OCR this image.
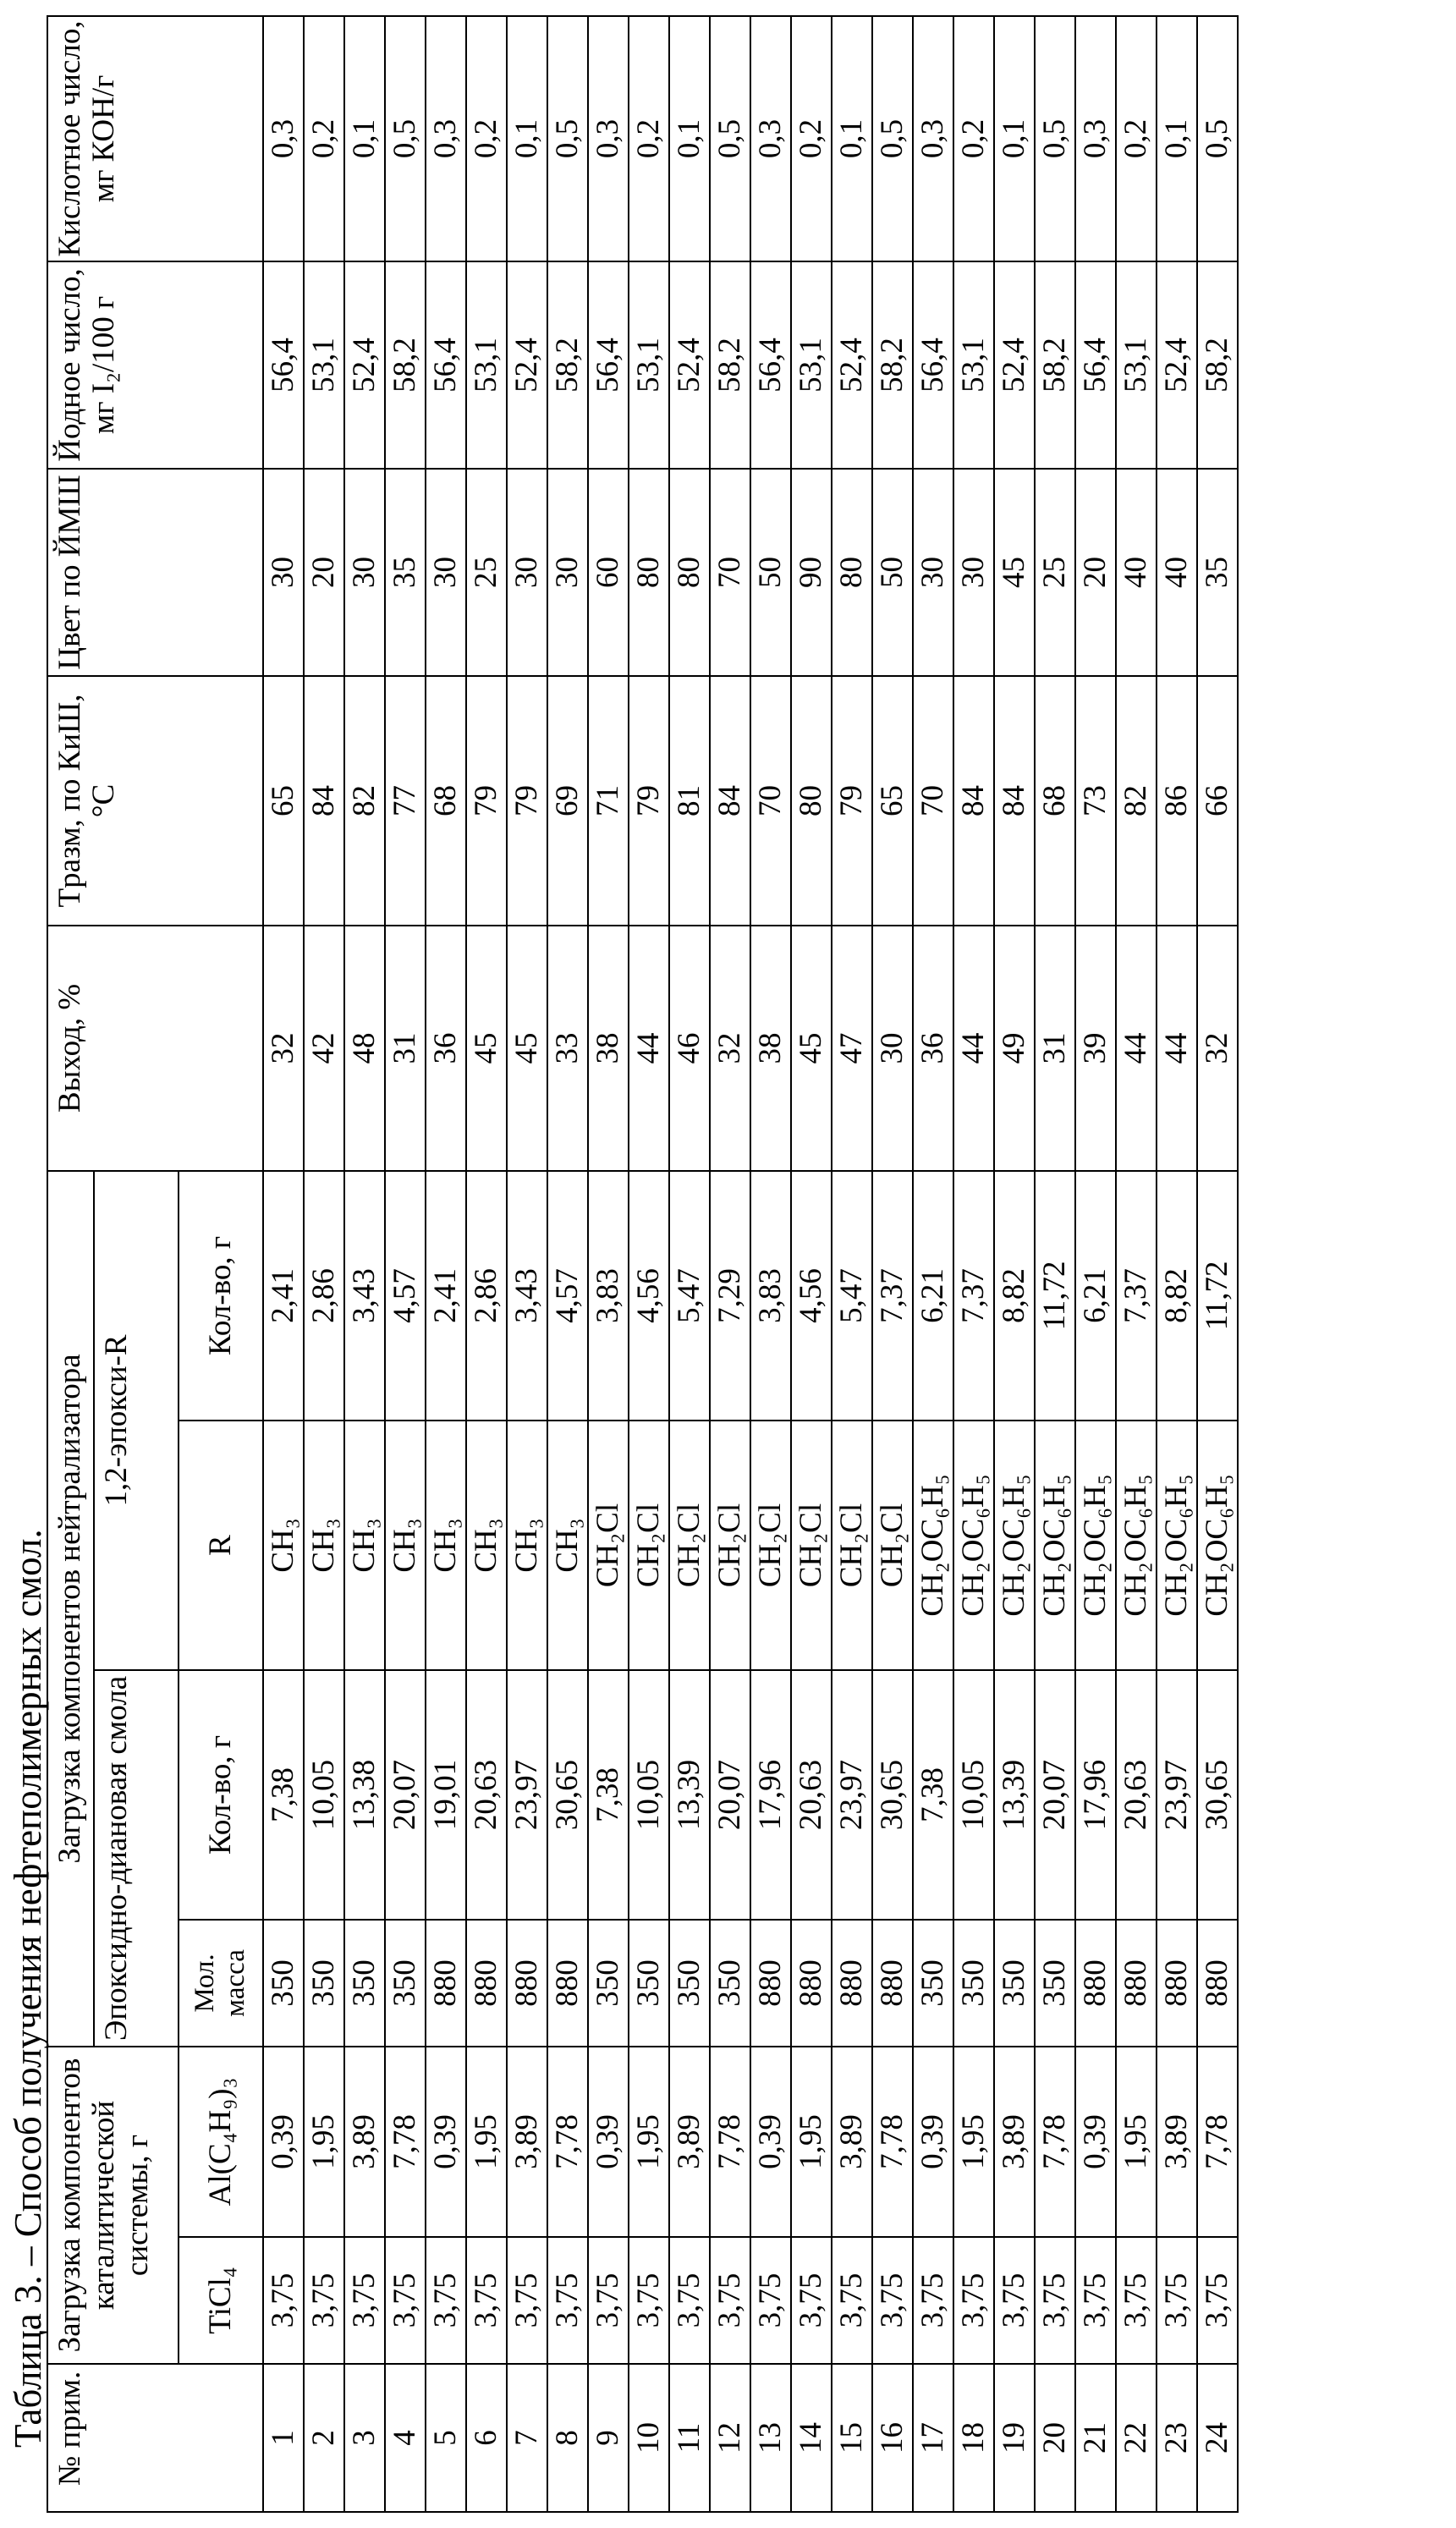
Таблица 3. – Способ получения нефтеполимерных смол. № прим.	Загрузка компонентов каталитической системы, г	Загрузка компонентов нейтрализатора	Выход, %	Tразм, по КиШ, °C	Цвет по ЙМШ	Йодное число, мг I₂/100 г	Кислотное число, мг КОН/г
Эпоксидно-диановая смола	1,2-эпокси-R
TiCl₄	Al(C₄H₉)₃	Мол. масса	Кол-во, г	R	Кол-во, г
1	3,75	0,39	350	7,38	CH₃	2,41	32	65	30	56,4	0,3
2	3,75	1,95	350	10,05	CH₃	2,86	42	84	20	53,1	0,2
3	3,75	3,89	350	13,38	CH₃	3,43	48	82	30	52,4	0,1
4	3,75	7,78	350	20,07	CH₃	4,57	31	77	35	58,2	0,5
5	3,75	0,39	880	19,01	CH₃	2,41	36	68	30	56,4	0,3
6	3,75	1,95	880	20,63	CH₃	2,86	45	79	25	53,1	0,2
7	3,75	3,89	880	23,97	CH₃	3,43	45	79	30	52,4	0,1
8	3,75	7,78	880	30,65	CH₃	4,57	33	69	30	58,2	0,5
9	3,75	0,39	350	7,38	CH₂Cl	3,83	38	71	60	56,4	0,3
10	3,75	1,95	350	10,05	CH₂Cl	4,56	44	79	80	53,1	0,2
11	3,75	3,89	350	13,39	CH₂Cl	5,47	46	81	80	52,4	0,1
12	3,75	7,78	350	20,07	CH₂Cl	7,29	32	84	70	58,2	0,5
13	3,75	0,39	880	17,96	CH₂Cl	3,83	38	70	50	56,4	0,3
14	3,75	1,95	880	20,63	CH₂Cl	4,56	45	80	90	53,1	0,2
15	3,75	3,89	880	23,97	CH₂Cl	5,47	47	79	80	52,4	0,1
16	3,75	7,78	880	30,65	CH₂Cl	7,37	30	65	50	58,2	0,5
17	3,75	0,39	350	7,38	CH₂OC₆H₅	6,21	36	70	30	56,4	0,3
18	3,75	1,95	350	10,05	CH₂OC₆H₅	7,37	44	84	30	53,1	0,2
19	3,75	3,89	350	13,39	CH₂OC₆H₅	8,82	49	84	45	52,4	0,1
20	3,75	7,78	350	20,07	CH₂OC₆H₅	11,72	31	68	25	58,2	0,5
21	3,75	0,39	880	17,96	CH₂OC₆H₅	6,21	39	73	20	56,4	0,3
22	3,75	1,95	880	20,63	CH₂OC₆H₅	7,37	44	82	40	53,1	0,2
23	3,75	3,89	880	23,97	CH₂OC₆H₅	8,82	44	86	40	52,4	0,1
24	3,75	7,78	880	30,65	CH₂OC₆H₅	11,72	32	66	35	58,2	0,5
